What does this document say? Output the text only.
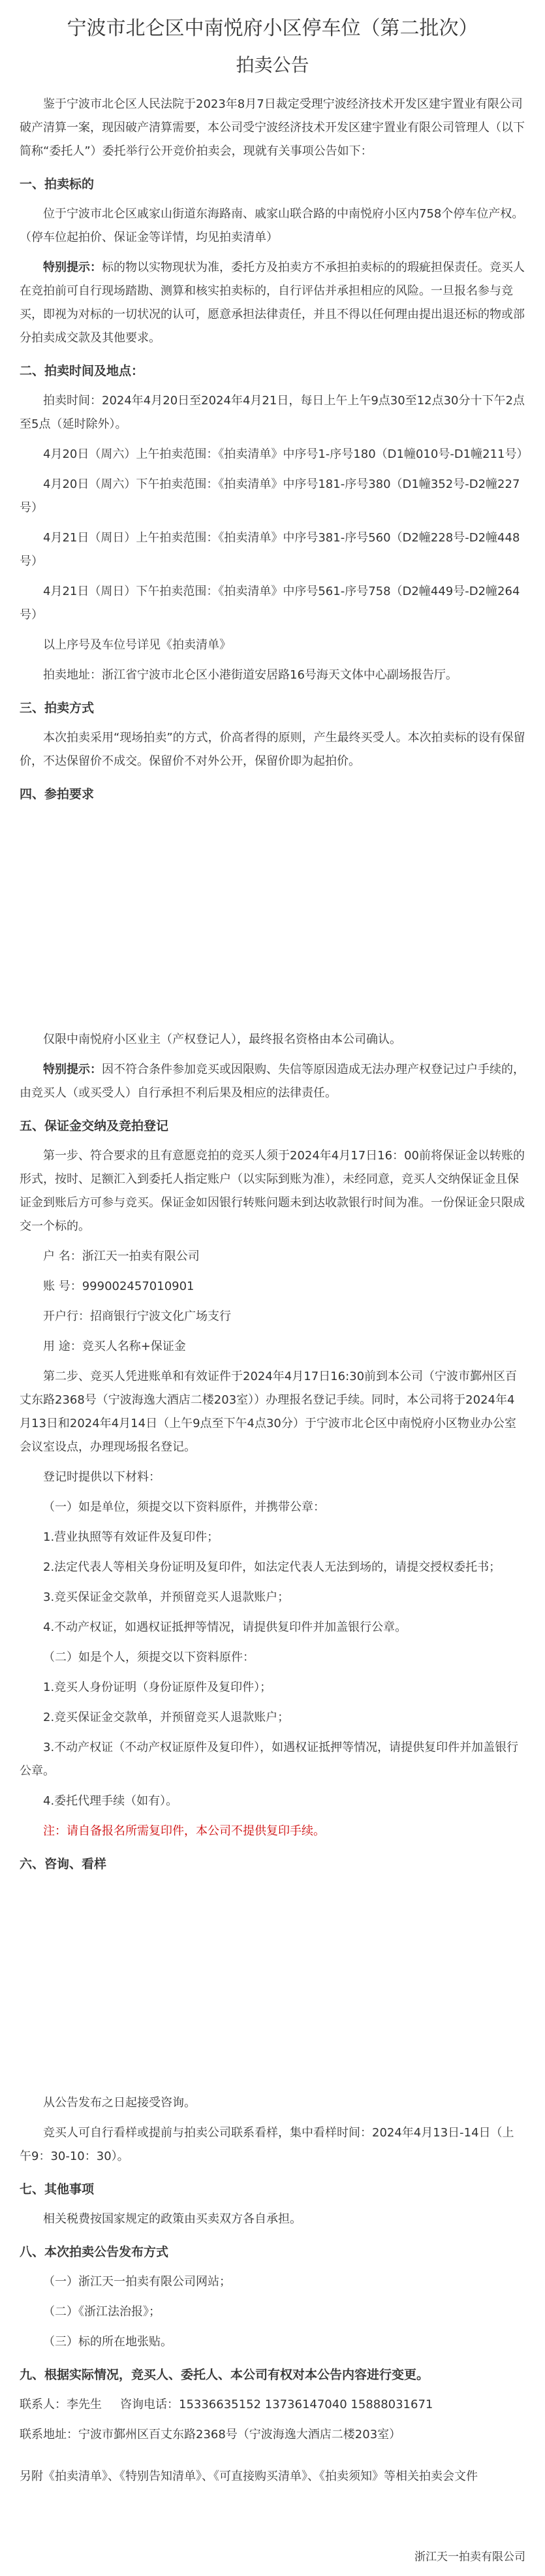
宁波市北仑区中南悦府小区停车位（第二批次）
拍卖公告

鉴于宁波市北仑区人民法院于2023年8月7日裁定受理宁波经济技术开发区建宇置业有限公司破产清算一案，现因破产清算需要，本公司受宁波经济技术开发区建宇置业有限公司管理人（以下简称“委托人”）委托举行公开竞价拍卖会，现就有关事项公告如下：

一、拍卖标的

位于宁波市北仑区戚家山街道东海路南、戚家山联合路的中南悦府小区内758个停车位产权。（停车位起拍价、保证金等详情，均见拍卖清单）

特别提示：标的物以实物现状为准，委托方及拍卖方不承担拍卖标的的瑕疵担保责任。竞买人在竞拍前可自行现场踏勘、测算和核实拍卖标的，自行评估并承担相应的风险。一旦报名参与竞买，即视为对标的一切状况的认可，愿意承担法律责任，并且不得以任何理由提出退还标的物或部分拍卖成交款及其他要求。

二、拍卖时间及地点：

拍卖时间：2024年4月20日至2024年4月21日，每日上午上午9点30至12点30分十下午2点至5点（延时除外）。

4月20日（周六）上午拍卖范围：《拍卖清单》中序号1-序号180（D1幢010号-D1幢211号）

4月20日（周六）下午拍卖范围：《拍卖清单》中序号181-序号380（D1幢352号-D2幢227号）

4月21日（周日）上午拍卖范围：《拍卖清单》中序号381-序号560（D2幢228号-D2幢448号）

4月21日（周日）下午拍卖范围：《拍卖清单》中序号561-序号758（D2幢449号-D2幢264号）

以上序号及车位号详见《拍卖清单》

拍卖地址：浙江省宁波市北仑区小港街道安居路16号海天文体中心副场报告厅。

三、拍卖方式

本次拍卖采用“现场拍卖”的方式，价高者得的原则，产生最终买受人。本次拍卖标的设有保留价，不达保留价不成交。保留价不对外公开，保留价即为起拍价。

四、参拍要求

仅限中南悦府小区业主（产权登记人），最终报名资格由本公司确认。

特别提示：因不符合条件参加竞买或因限购、失信等原因造成无法办理产权登记过户手续的，由竞买人（或买受人）自行承担不利后果及相应的法律责任。

五、保证金交纳及竞拍登记

第一步、符合要求的且有意愿竞拍的竞买人须于2024年4月17日16：00前将保证金以转账的形式，按时、足额汇入到委托人指定账户（以实际到账为准），未经同意，竞买人交纳保证金且保证金到账后方可参与竞买。保证金如因银行转账问题未到达收款银行时间为准。一份保证金只限成交一个标的。

户 名：浙江天一拍卖有限公司

账 号：999002457010901

开户行：招商银行宁波文化广场支行

用 途：竞买人名称+保证金

第二步、竞买人凭进账单和有效证件于2024年4月17日16:30前到本公司（宁波市鄞州区百丈东路2368号（宁波海逸大酒店二楼203室））办理报名登记手续。同时，本公司将于2024年4月13日和2024年4月14日（上午9点至下午4点30分）于宁波市北仑区中南悦府小区物业办公室会议室设点，办理现场报名登记。

登记时提供以下材料：

（一）如是单位，须提交以下资料原件，并携带公章：

1.营业执照等有效证件及复印件；

2.法定代表人等相关身份证明及复印件，如法定代表人无法到场的，请提交授权委托书；

3.竞买保证金交款单，并预留竞买人退款账户；

4.不动产权证，如遇权证抵押等情况，请提供复印件并加盖银行公章。

（二）如是个人，须提交以下资料原件：

1.竞买人身份证明（身份证原件及复印件）；

2.竞买保证金交款单，并预留竞买人退款账户；

3.不动产权证（不动产权证原件及复印件），如遇权证抵押等情况，请提供复印件并加盖银行公章。

4.委托代理手续（如有）。

注：请自备报名所需复印件，本公司不提供复印手续。

六、咨询、看样

从公告发布之日起接受咨询。

竞买人可自行看样或提前与拍卖公司联系看样，集中看样时间：2024年4月13日-14日（上午9：30-10：30）。

七、其他事项

相关税费按国家规定的政策由买卖双方各自承担。

八、本次拍卖公告发布方式

（一）浙江天一拍卖有限公司网站；

（二）《浙江法治报》；

（三）标的所在地张贴。

九、根据实际情况，竞买人、委托人、本公司有权对本公告内容进行变更。

联系人：李先生 咨询电话：15336635152 13736147040 15888031671

联系地址：宁波市鄞州区百丈东路2368号（宁波海逸大酒店二楼203室）

另附《拍卖清单》、《特别告知清单》、《可直接购买清单》、《拍卖须知》等相关拍卖会文件

浙江天一拍卖有限公司
